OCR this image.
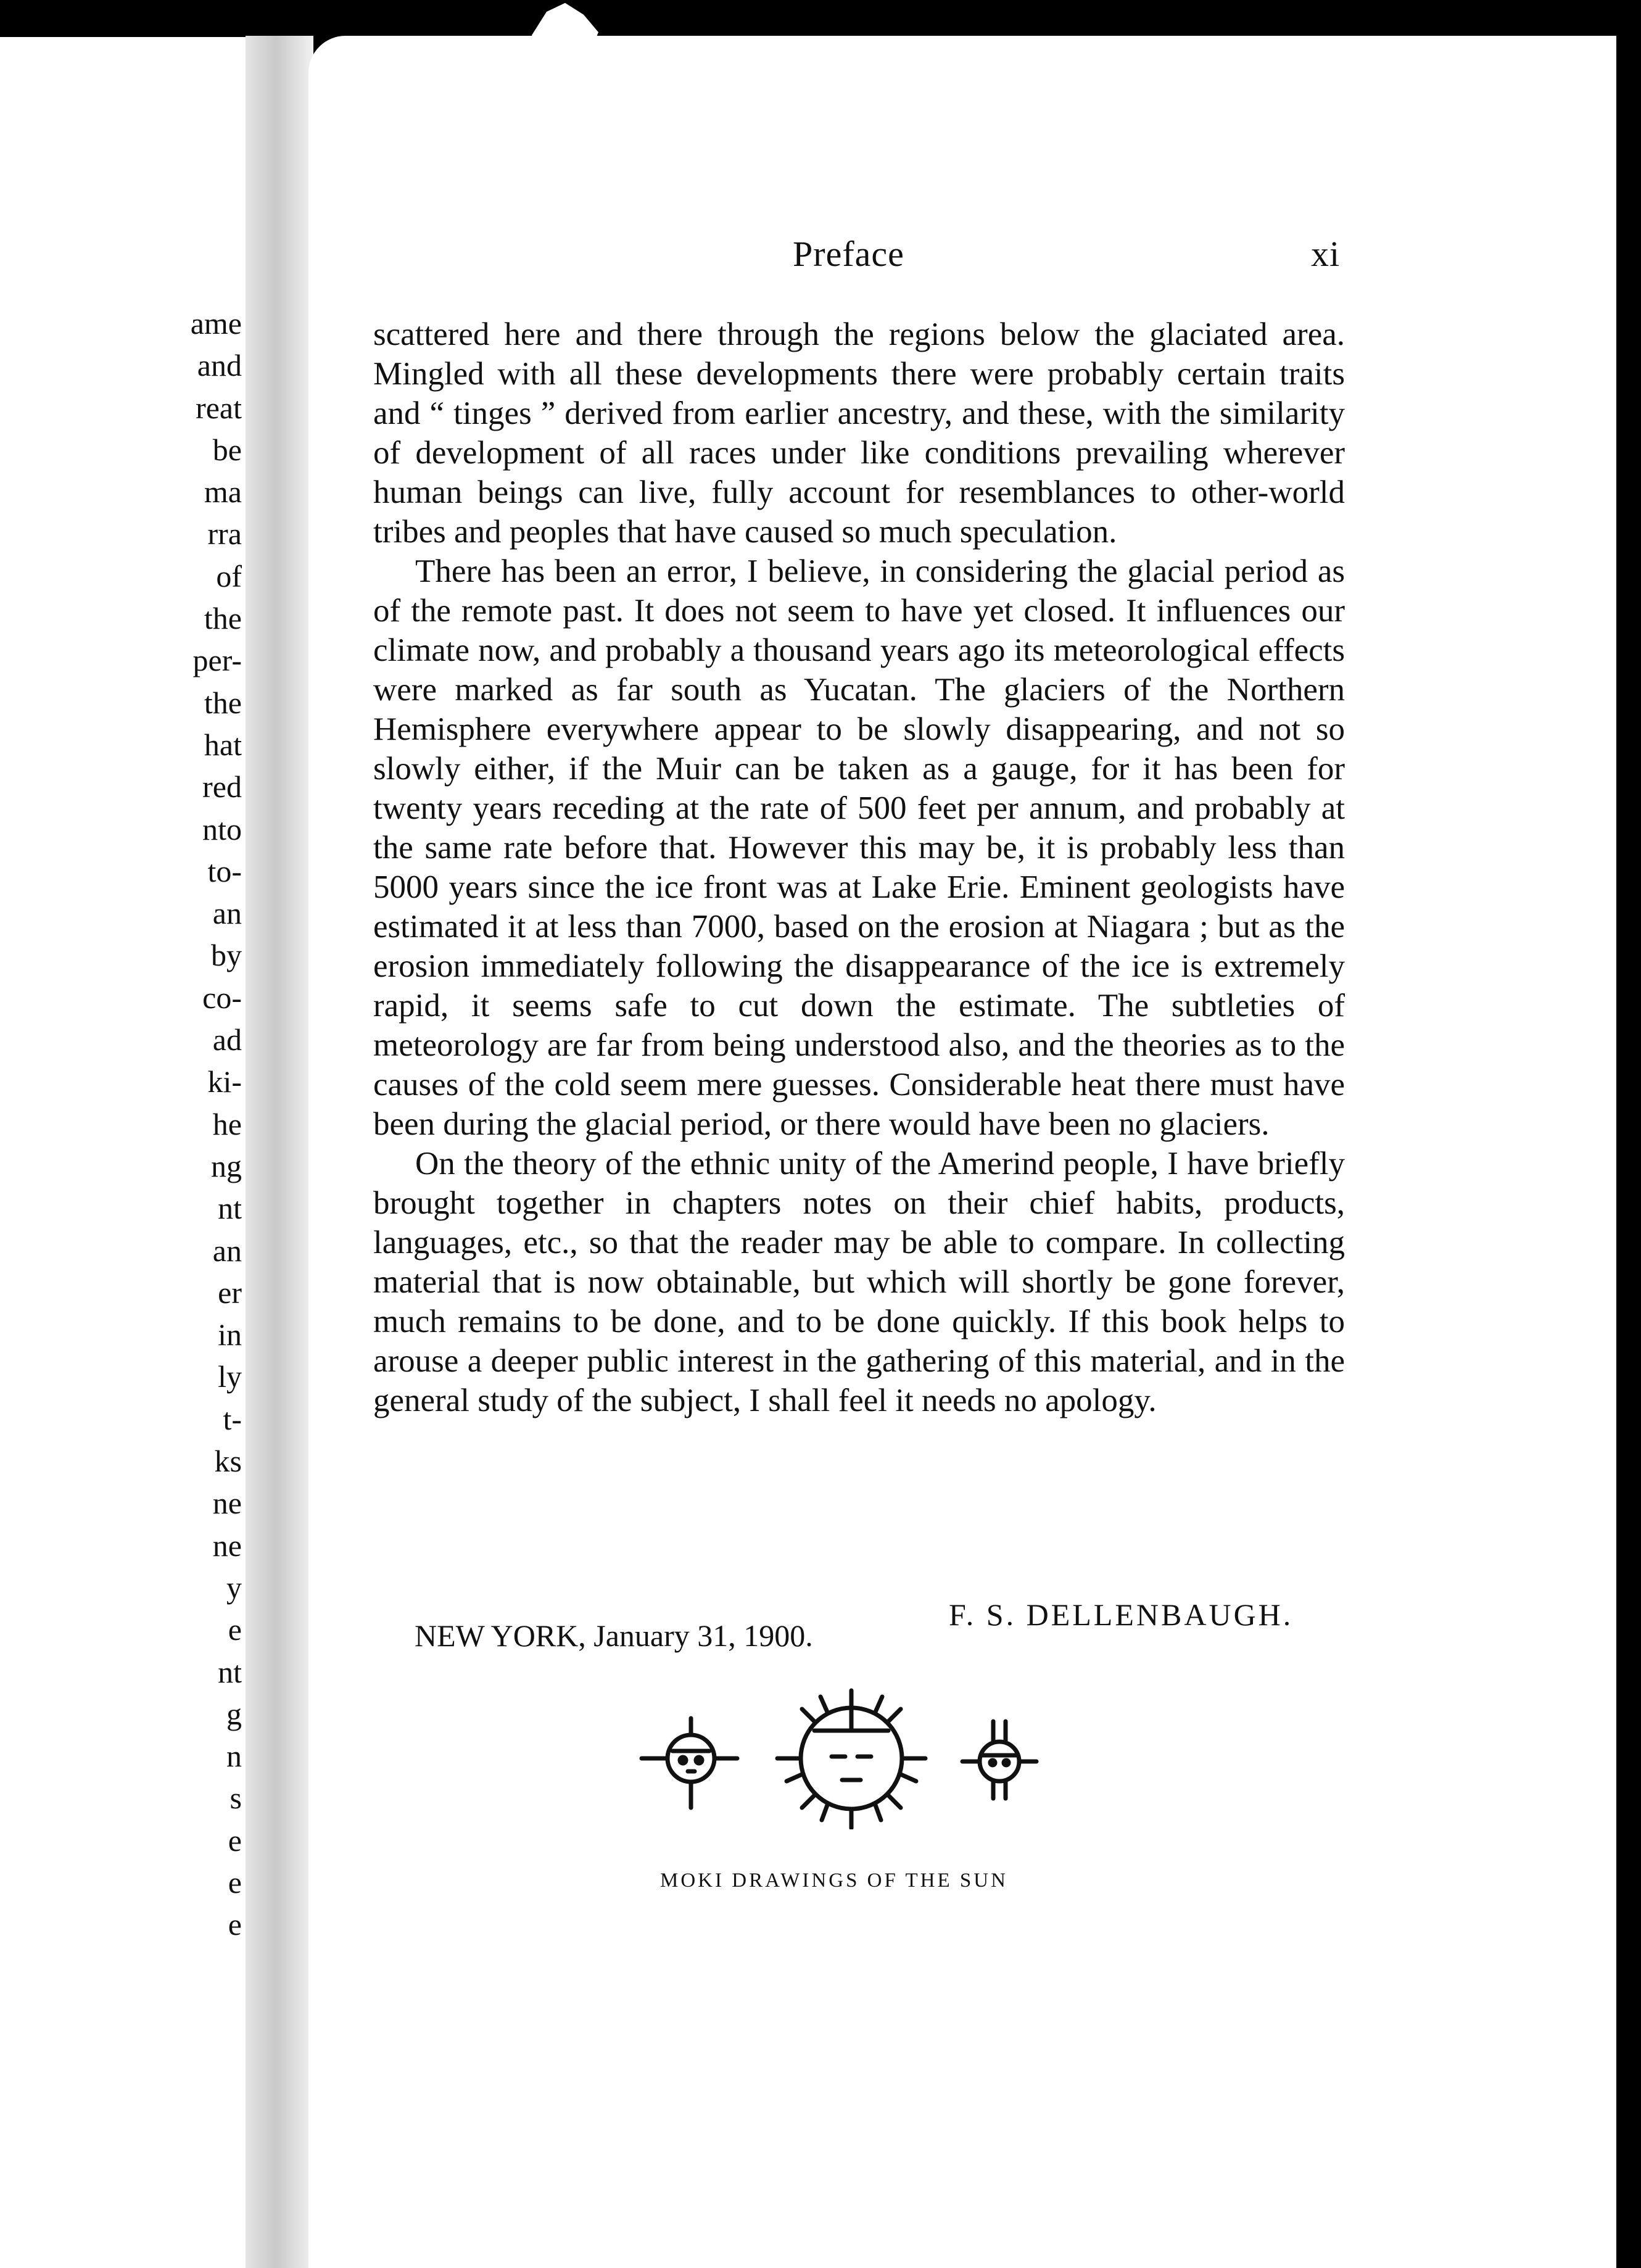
ame
and
reat
be
ma
rra
of
the
per-
the
hat
red
nto
to-
an
by
co-
ad
ki-
he
ng
nt
an
er
in
ly
t-
ks
ne
ne
y
e
nt
g
n
s
e
e
e
Preface	xi

scattered here and there through the regions below the glaciated area. Mingled with all these developments there were probably certain traits and “ tinges ” derived from earlier ancestry, and these, with the similarity of development of all races under like conditions prevailing wherever human beings can live, fully account for resemblances to other-world tribes and peoples that have caused so much speculation.

There has been an error, I believe, in considering the glacial period as of the remote past. It does not seem to have yet closed. It influences our climate now, and probably a thousand years ago its meteorological effects were marked as far south as Yucatan. The glaciers of the Northern Hemisphere everywhere appear to be slowly disappearing, and not so slowly either, if the Muir can be taken as a gauge, for it has been for twenty years receding at the rate of 500 feet per annum, and probably at the same rate before that. However this may be, it is probably less than 5000 years since the ice front was at Lake Erie. Eminent geologists have estimated it at less than 7000, based on the erosion at Niagara ; but as the erosion immediately following the disappearance of the ice is extremely rapid, it seems safe to cut down the estimate. The subtleties of meteorology are far from being understood also, and the theories as to the causes of the cold seem mere guesses. Considerable heat there must have been during the glacial period, or there would have been no glaciers.

On the theory of the ethnic unity of the Amerind people, I have briefly brought together in chapters notes on their chief habits, products, languages, etc., so that the reader may be able to compare. In collecting material that is now obtainable, but which will shortly be gone forever, much remains to be done, and to be done quickly. If this book helps to arouse a deeper public interest in the gathering of this material, and in the general study of the subject, I shall feel it needs no apology.

F. S. DELLENBAUGH.
NEW YORK, January 31, 1900.
MOKI DRAWINGS OF THE SUN
